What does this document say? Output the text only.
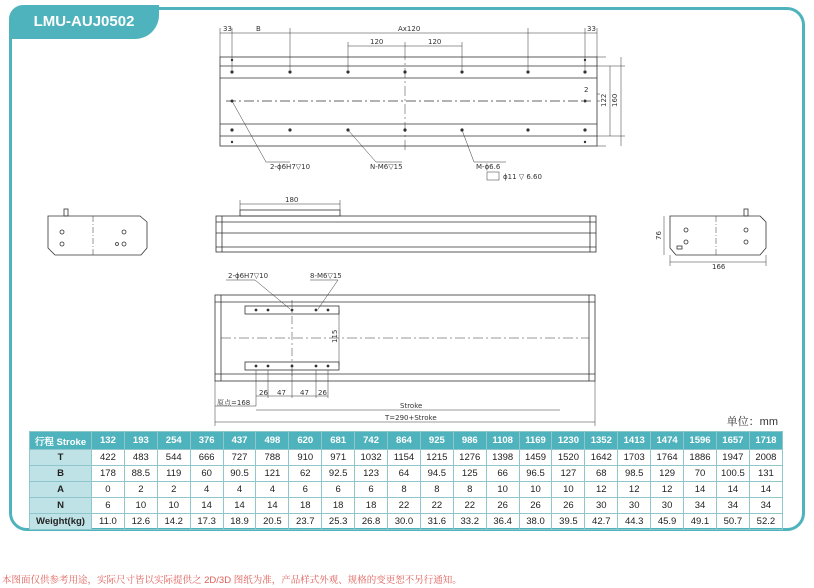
LMU-AUJ0502	33	B	Ax120	33
120	120
2
122 160
2-ϕ6H7▽10	N-M6▽15	M-ϕ6.6
ϕ11 ▽ 6.60
180
76
166
2-ϕ6H7▽10	8-M6▽15
115
26 47 47 26
原点=168	Stroke
T=290+Stroke	单位：mm
行程 Stroke	132	193	254	376	437	498	620	681	742	864	925	986	1108	1169	1230	1352	1413	1474	1596	1657	1718
T	422	483	544	666	727	788	910	971	1032	1154	1215	1276	1398	1459	1520	1642	1703	1764	1886	1947	2008
B	178	88.5	119	60	90.5	121	62	92.5	123	64	94.5	125	66	96.5	127	68	98.5	129	70	100.5	131
A	0	2	2	4	4	4	6	6	6	8	8	8	10	10	10	12	12	12	14	14	14
N	6	10	10	14	14	14	18	18	18	22	22	22	26	26	26	30	30	30	34	34	34
Weight(kg)	11.0	12.6	14.2	17.3	18.9	20.5	23.7	25.3	26.8	30.0	31.6	33.2	36.4	38.0	39.5	42.7	44.3	45.9	49.1	50.7	52.2
本图面仅供参考用途，实际尺寸皆以实际提供之 2D/3D 图纸为准，产品样式外观、规格的变更恕不另行通知。
